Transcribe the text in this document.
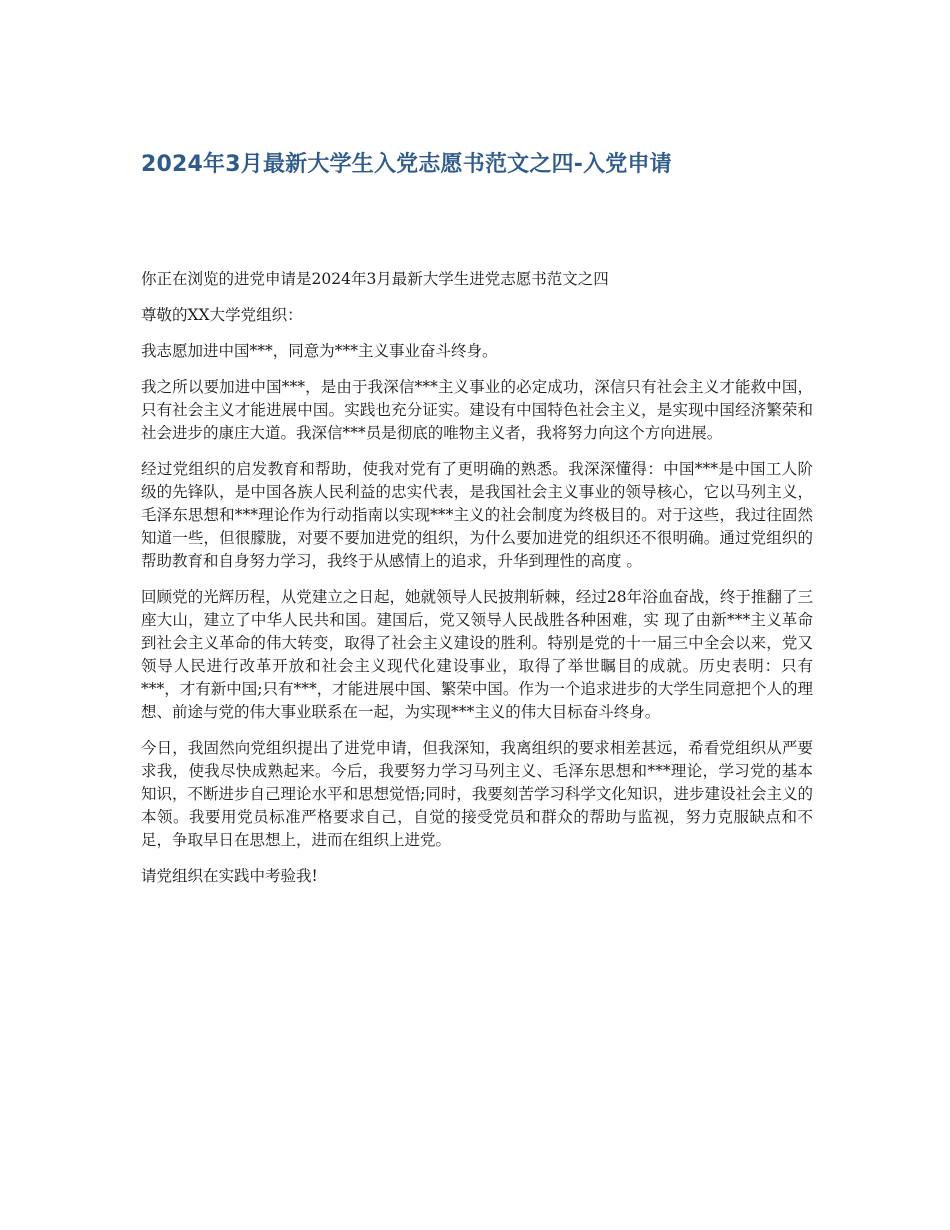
2024年3月最新大学生入党志愿书范文之四-入党申请

你正在浏览的进党申请是2024年3月最新大学生进党志愿书范文之四

尊敬的XX大学党组织：

我志愿加进中国***，同意为***主义事业奋斗终身。

我之所以要加进中国***，是由于我深信***主义事业的必定成功，深信只有社会主义才能救中国，只有社会主义才能进展中国。实践也充分证实。建设有中国特色社会主义，是实现中国经济繁荣和社会进步的康庄大道。我深信***员是彻底的唯物主义者，我将努力向这个方向进展。

经过党组织的启发教育和帮助，使我对党有了更明确的熟悉。我深深懂得：中国***是中国工人阶级的先锋队，是中国各族人民利益的忠实代表，是我国社会主义事业的领导核心，它以马列主义，毛泽东思想和***理论作为行动指南以实现***主义的社会制度为终极目的。对于这些，我过往固然知道一些，但很朦胧，对要不要加进党的组织，为什么要加进党的组织还不很明确。通过党组织的帮助教育和自身努力学习，我终于从感情上的追求，升华到理性的高度 。

回顾党的光辉历程，从党建立之日起，她就领导人民披荆斩棘，经过28年浴血奋战，终于推翻了三座大山，建立了中华人民共和国。建国后，党又领导人民战胜各种困难，实 现了由新***主义革命到社会主义革命的伟大转变，取得了社会主义建设的胜利。特别是党的十一届三中全会以来，党又领导人民进行改革开放和社会主义现代化建设事业，取得了举世瞩目的成就。历史表明：只有***，才有新中国;只有***，才能进展中国、繁荣中国。作为一个追求进步的大学生同意把个人的理想、前途与党的伟大事业联系在一起，为实现***主义的伟大目标奋斗终身。

今日，我固然向党组织提出了进党申请，但我深知，我离组织的要求相差甚远，希看党组织从严要求我，使我尽快成熟起来。今后，我要努力学习马列主义、毛泽东思想和***理论，学习党的基本知识，不断进步自己理论水平和思想觉悟;同时，我要刻苦学习科学文化知识，进步建设社会主义的本领。我要用党员标准严格要求自己，自觉的接受党员和群众的帮助与监视，努力克服缺点和不足，争取早日在思想上，进而在组织上进党。

请党组织在实践中考验我!
